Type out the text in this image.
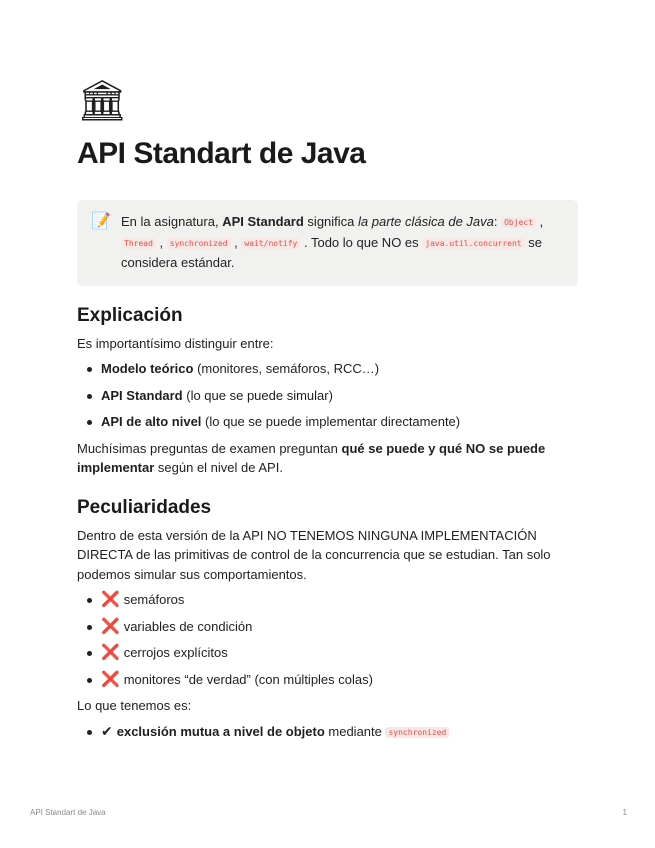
🏛
API Standart de Java
📝 En la asignatura, API Standard significa la parte clásica de Java: Object , Thread , synchronized , wait/notify . Todo lo que NO es java.util.concurrent se considera estándar.
Explicación

Es importantísimo distinguir entre:

Modelo teórico (monitores, semáforos, RCC…)
API Standard (lo que se puede simular)
API de alto nivel (lo que se puede implementar directamente)

Muchísimas preguntas de examen preguntan qué se puede y qué NO se puede implementar según el nivel de API.

Peculiaridades

Dentro de esta versión de la API NO TENEMOS NINGUNA IMPLEMENTACIÓN DIRECTA de las primitivas de control de la concurrencia que se estudian. Tan solo podemos simular sus comportamientos.

❌ semáforos
❌ variables de condición
❌ cerrojos explícitos
❌ monitores “de verdad” (con múltiples colas)

Lo que tenemos es:

✔ exclusión mutua a nivel de objeto mediante synchronized
API Standart de Java	1
